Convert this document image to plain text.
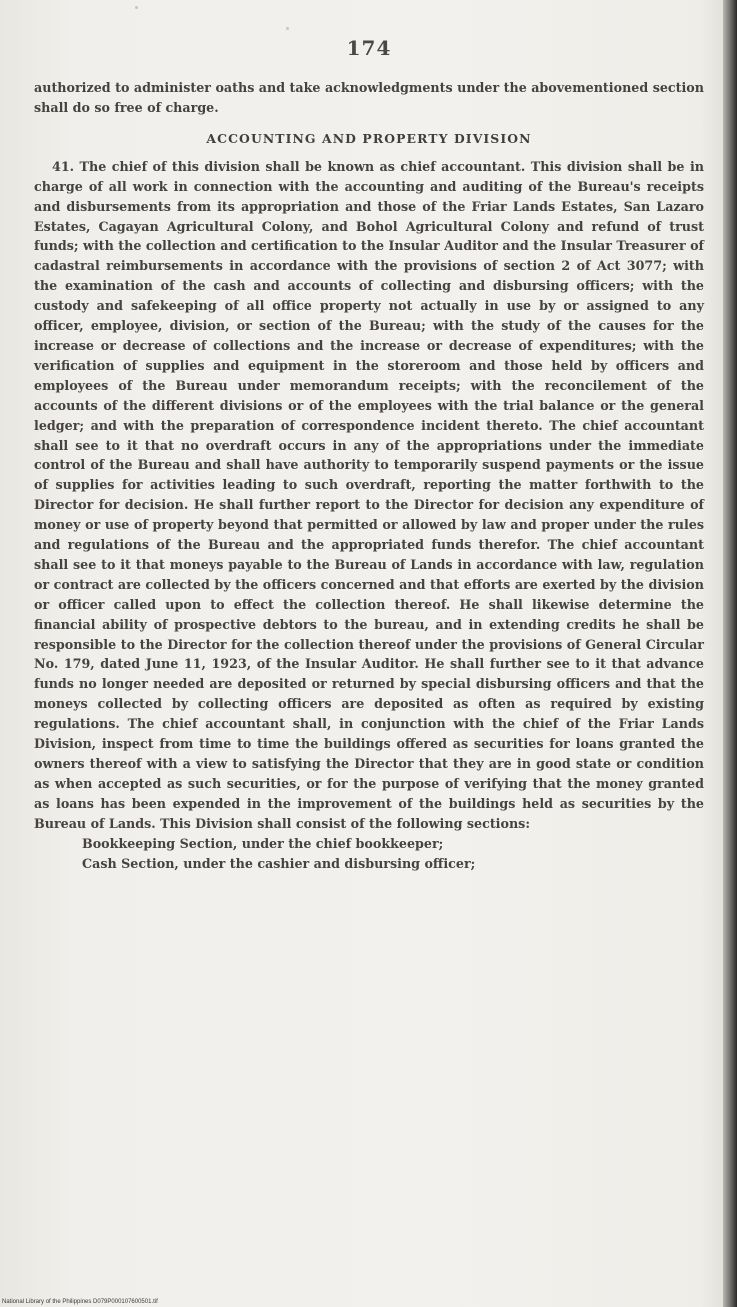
174

authorized to administer oaths and take acknowledgments under the abovementioned section shall do so free of charge.

ACCOUNTING AND PROPERTY DIVISION

41. The chief of this division shall be known as chief accountant. This division shall be in charge of all work in connection with the accounting and auditing of the Bureau's receipts and disbursements from its appropriation and those of the Friar Lands Estates, San Lazaro Estates, Cagayan Agricultural Colony, and Bohol Agricultural Colony and refund of trust funds; with the collection and certification to the Insular Auditor and the Insular Treasurer of cadastral reimbursements in accordance with the provisions of section 2 of Act 3077; with the examination of the cash and accounts of collecting and disbursing officers; with the custody and safekeeping of all office property not actually in use by or assigned to any officer, employee, division, or section of the Bureau; with the study of the causes for the increase or decrease of collections and the increase or decrease of expenditures; with the verification of supplies and equipment in the storeroom and those held by officers and employees of the Bureau under memorandum receipts; with the reconcilement of the accounts of the different divisions or of the employees with the trial balance or the general ledger; and with the preparation of correspondence incident thereto. The chief accountant shall see to it that no overdraft occurs in any of the appropriations under the immediate control of the Bureau and shall have authority to temporarily suspend payments or the issue of supplies for activities leading to such overdraft, reporting the matter forthwith to the Director for decision. He shall further report to the Director for decision any expenditure of money or use of property beyond that permitted or allowed by law and proper under the rules and regulations of the Bureau and the appropriated funds therefor. The chief accountant shall see to it that moneys payable to the Bureau of Lands in accordance with law, regulation or contract are collected by the officers concerned and that efforts are exerted by the division or officer called upon to effect the collection thereof. He shall likewise determine the financial ability of prospective debtors to the bureau, and in extending credits he shall be responsible to the Director for the collection thereof under the provisions of General Circular No. 179, dated June 11, 1923, of the Insular Auditor. He shall further see to it that advance funds no longer needed are deposited or returned by special disbursing officers and that the moneys collected by collecting officers are deposited as often as required by existing regulations. The chief accountant shall, in conjunction with the chief of the Friar Lands Division, inspect from time to time the buildings offered as securities for loans granted the owners thereof with a view to satisfying the Director that they are in good state or condition as when accepted as such securities, or for the purpose of verifying that the money granted as loans has been expended in the improvement of the buildings held as securities by the Bureau of Lands. This Division shall consist of the following sections:

Bookkeeping Section, under the chief bookkeeper;
Cash Section, under the cashier and disbursing officer;
National Library of the Philippines D079P000107600501.tif
